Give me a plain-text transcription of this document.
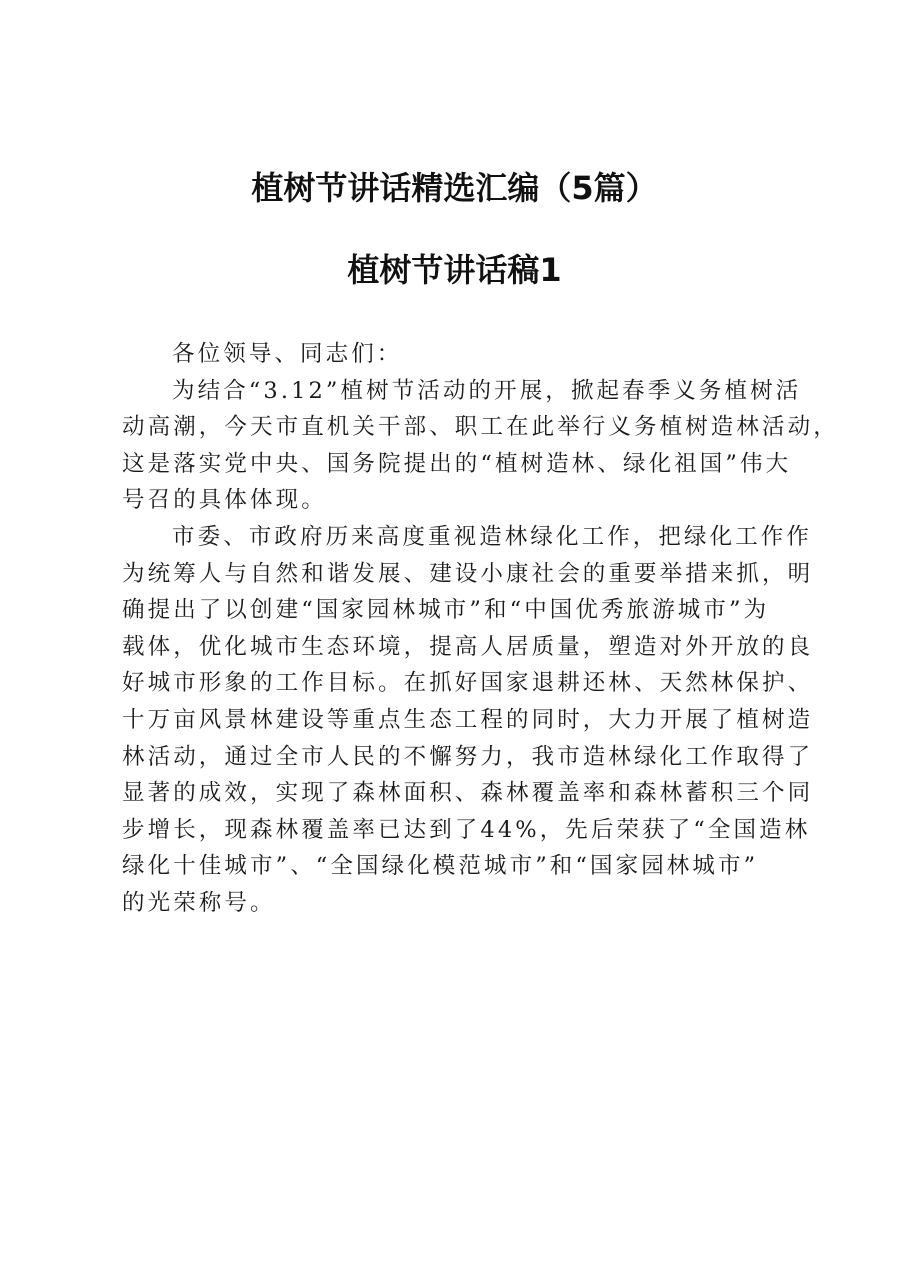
植树节讲话精选汇编（5篇）
植树节讲话稿1
各位领导、同志们：
为结合“3.12”植树节活动的开展，掀起春季义务植树活
动高潮，今天市直机关干部、职工在此举行义务植树造林活动，
这是落实党中央、国务院提出的“植树造林、绿化祖国”伟大
号召的具体体现。
市委、市政府历来高度重视造林绿化工作，把绿化工作作
为统筹人与自然和谐发展、建设小康社会的重要举措来抓，明
确提出了以创建“国家园林城市”和“中国优秀旅游城市”为
载体，优化城市生态环境，提高人居质量，塑造对外开放的良
好城市形象的工作目标。在抓好国家退耕还林、天然林保护、
十万亩风景林建设等重点生态工程的同时，大力开展了植树造
林活动，通过全市人民的不懈努力，我市造林绿化工作取得了
显著的成效，实现了森林面积、森林覆盖率和森林蓄积三个同
步增长，现森林覆盖率已达到了44%，先后荣获了“全国造林
绿化十佳城市”、“全国绿化模范城市”和“国家园林城市”
的光荣称号。
